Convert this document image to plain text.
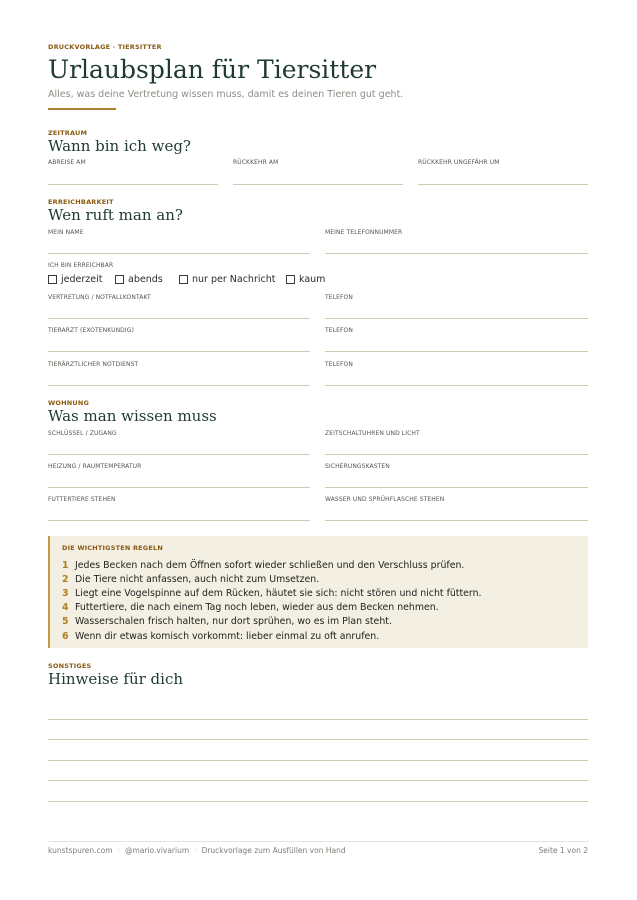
DRUCKVORLAGE · TIERSITTER
Urlaubsplan für Tiersitter
Alles, was deine Vertretung wissen muss, damit es deinen Tieren gut geht.
ZEITRAUM
Wann bin ich weg?
ABREISE AM	RÜCKKEHR AM	RÜCKKEHR UNGEFÄHR UM
ERREICHBARKEIT
Wen ruft man an?
MEIN NAME	MEINE TELEFONNUMMER
ICH BIN ERREICHBAR
jederzeit	abends	nur per Nachricht kaum
VERTRETUNG / NOTFALLKONTAKT	TELEFON
TIERARZT (EXOTENKUNDIG)	TELEFON
TIERÄRZTLICHER NOTDIENST	TELEFON
WOHNUNG
Was man wissen muss
SCHLÜSSEL / ZUGANG	ZEITSCHALTUHREN UND LICHT
HEIZUNG / RAUMTEMPERATUR	SICHERUNGSKASTEN
FUTTERTIERE STEHEN	WASSER UND SPRÜHFLASCHE STEHEN
DIE WICHTIGSTEN REGELN
1 Jedes Becken nach dem Öffnen sofort wieder schließen und den Verschluss prüfen.
2 Die Tiere nicht anfassen, auch nicht zum Umsetzen.
3 Liegt eine Vogelspinne auf dem Rücken, häutet sie sich: nicht stören und nicht füttern.
4 Futtertiere, die nach einem Tag noch leben, wieder aus dem Becken nehmen.
5 Wasserschalen frisch halten, nur dort sprühen, wo es im Plan steht.
6 Wenn dir etwas komisch vorkommt: lieber einmal zu oft anrufen.
SONSTIGES
Hinweise für dich
kunstspuren.com · @mario.vivarium · Druckvorlage zum Ausfüllen von Hand	Seite 1 von 2
